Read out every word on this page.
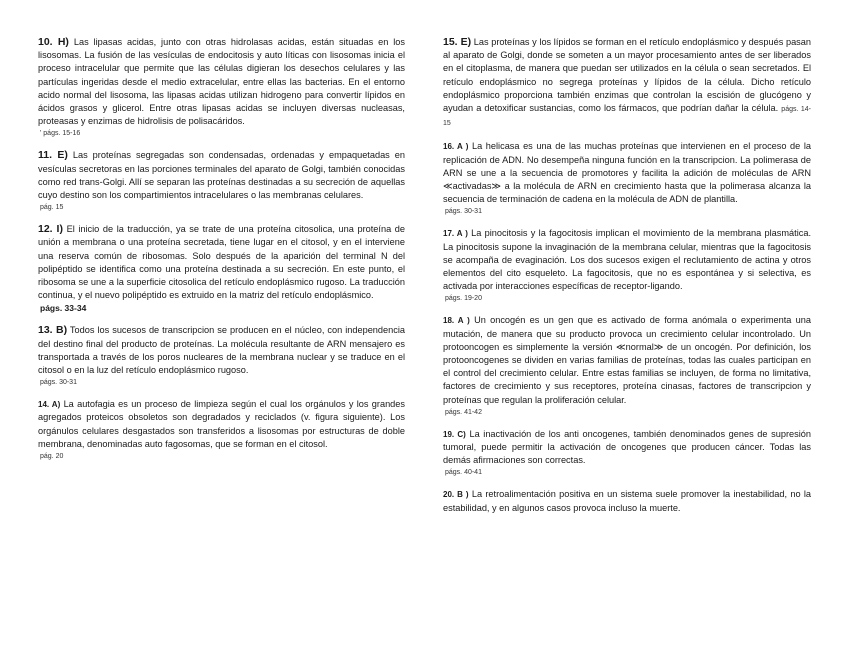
10. H) Las lipasas acidas, junto con otras hidrolasas acidas, están situadas en los lisosomas. La fusión de las vesículas de endocitosis y auto líticas con lisosomas inicia el proceso intracelular que permite que las células digieran los desechos celulares y las partículas ingeridas desde el medio extracelular, entre ellas las bacterias. En el entorno acido normal del lisosoma, las lipasas acidas utilizan hidrogeno para convertir lípidos en ácidos grasos y glicerol. Entre otras lipasas acidas se incluyen diversas nucleasas, proteasas y enzimas de hidrolisis de polisacáridos.

' págs. 15-16

11. E) Las proteínas segregadas son condensadas, ordenadas y empaquetadas en vesículas secretoras en las porciones terminales del aparato de Golgi, también conocidas como red trans-Golgi. Allí se separan las proteínas destinadas a su secreción de aquellas cuyo destino son los compartimientos intracelulares o las membranas celulares.

pág. 15

12. I) El inicio de la traducción, ya se trate de una proteína citosolica, una proteína de unión a membrana o una proteína secretada, tiene lugar en el citosol, y en el interviene una reserva común de ribosomas. Solo después de la aparición del terminal N del polipéptido se identifica como una proteína destinada a su secreción. En este punto, el ribosoma se une a la superficie citosolica del retículo endoplásmico rugoso. La traducción continua, y el nuevo polipéptido es extruido en la matriz del retículo endoplásmico.

págs. 33-34

13. B) Todos los sucesos de transcripcion se producen en el núcleo, con independencia del destino final del producto de proteínas. La molécula resultante de ARN mensajero es transportada a través de los poros nucleares de la membrana nuclear y se traduce en el citosol o en la luz del retículo endoplásmico rugoso.

págs. 30-31

14. A) La autofagia es un proceso de limpieza según el cual los orgánulos y los grandes agregados proteicos obsoletos son degradados y reciclados (v. figura siguiente). Los orgánulos celulares desgastados son transferidos a lisosomas por estructuras de doble membrana, denominadas auto fagosomas, que se forman en el citosol.

pág. 20

15. E) Las proteínas y los lípidos se forman en el retículo endoplásmico y después pasan al aparato de Golgi, donde se someten a un mayor procesamiento antes de ser liberados en el citoplasma, de manera que puedan ser utilizados en la célula o sean secretados. El retículo endoplásmico no segrega proteínas y lípidos de la célula. Dicho retículo endoplásmico proporciona también enzimas que controlan la escisión de glucógeno y ayudan a detoxificar sustancias, como los fármacos, que podrían dañar la célula. págs. 14-15

16. A ) La helicasa es una de las muchas proteínas que intervienen en el proceso de la replicación de ADN. No desempeña ninguna función en la transcripcion. La polimerasa de ARN se une a la secuencia de promotores y facilita la adición de moléculas de ARN ≪activadas≫ a la molécula de ARN en crecimiento hasta que la polimerasa alcanza la secuencia de terminación de cadena en la molécula de ADN de plantilla.

págs. 30-31

17. A ) La pinocitosis y la fagocitosis implican el movimiento de la membrana plasmática. La pinocitosis supone la invaginación de la membrana celular, mientras que la fagocitosis se acompaña de evaginación. Los dos sucesos exigen el reclutamiento de actina y otros elementos del cito esqueleto. La fagocitosis, que no es espontánea y si selectiva, es activada por interacciones específicas de receptor-ligando.

págs. 19-20

18. A ) Un oncogén es un gen que es activado de forma anómala o experimenta una mutación, de manera que su producto provoca un crecimiento celular incontrolado. Un protooncogen es simplemente la versión ≪normal≫ de un oncogén. Por definición, los protooncogenes se dividen en varias familias de proteínas, todas las cuales participan en el control del crecimiento celular. Entre estas familias se incluyen, de forma no limitativa, factores de crecimiento y sus receptores, proteína cinasas, factores de transcripcion y proteínas que regulan la proliferación celular.

págs. 41-42

19. C) La inactivación de los anti oncogenes, también denominados genes de supresión tumoral, puede permitir la activación de oncogenes que producen cáncer. Todas las demás afirmaciones son correctas.

págs. 40-41

20. B ) La retroalimentación positiva en un sistema suele promover la inestabilidad, no la estabilidad, y en algunos casos provoca incluso la muerte.
